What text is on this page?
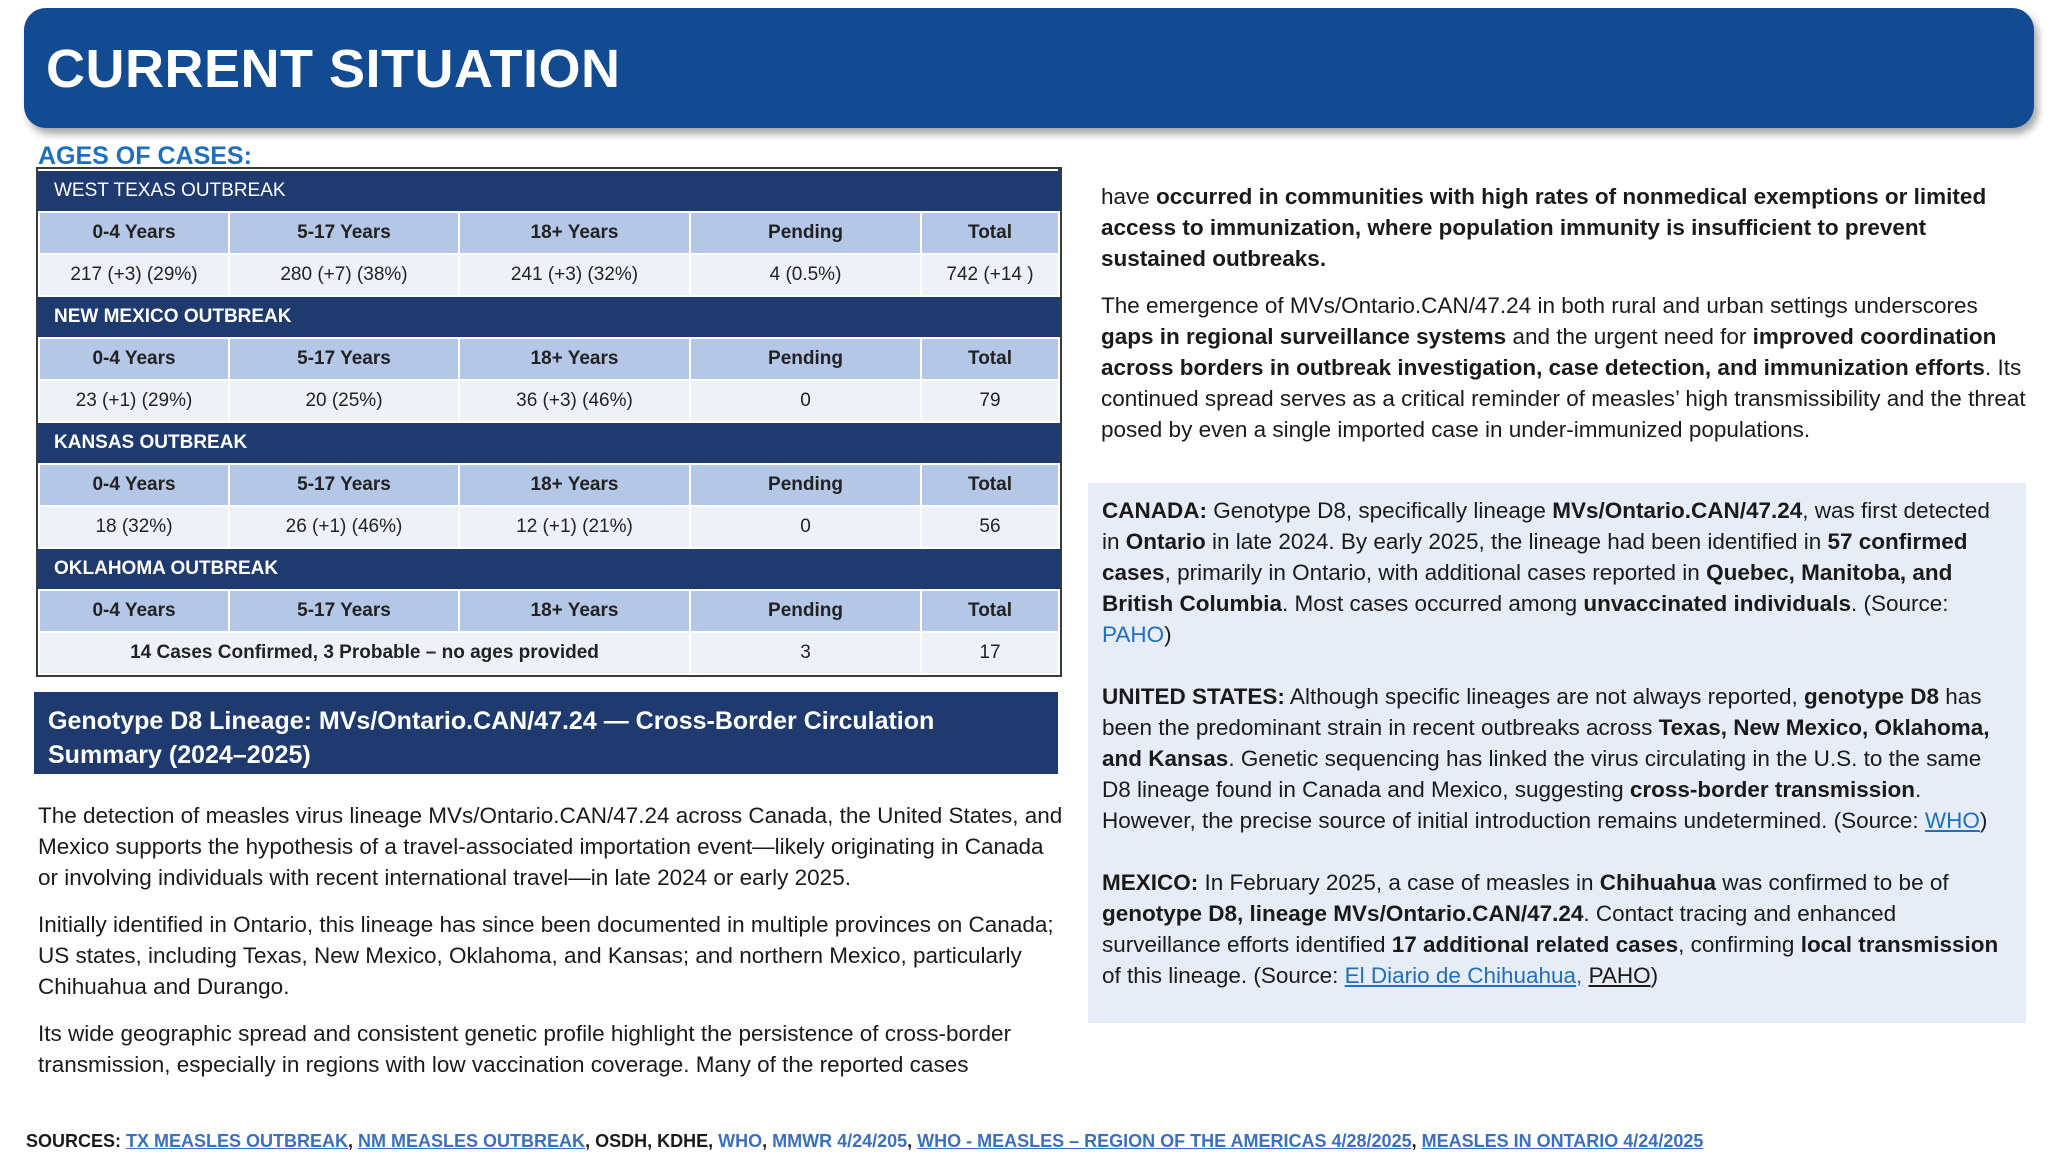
CURRENT SITUATION
AGES OF CASES:
WEST TEXAS OUTBREAK				
0-4 Years	5-17 Years	18+ Years	Pending	Total
217 (+3) (29%)	280 (+7) (38%)	241 (+3) (32%)	4 (0.5%)	742 (+14 )
NEW MEXICO OUTBREAK				
0-4 Years	5-17 Years	18+ Years	Pending	Total
23 (+1) (29%)	20 (25%)	36 (+3) (46%)	0	79
KANSAS OUTBREAK				
0-4 Years	5-17 Years	18+ Years	Pending	Total
18 (32%)	26 (+1) (46%)	12 (+1) (21%)	0	56
OKLAHOMA OUTBREAK				
0-4 Years	5-17 Years	18+ Years	Pending	Total
14 Cases Confirmed, 3 Probable – no ages provided			3	17

Genotype D8 Lineage: MVs/Ontario.CAN/47.24 — Cross-Border Circulation Summary (2024–2025)

The detection of measles virus lineage MVs/Ontario.CAN/47.24 across Canada, the United States, and Mexico supports the hypothesis of a travel-associated importation event—likely originating in Canada or involving individuals with recent international travel—in late 2024 or early 2025.

Initially identified in Ontario, this lineage has since been documented in multiple provinces on Canada; US states, including Texas, New Mexico, Oklahoma, and Kansas; and northern Mexico, particularly Chihuahua and Durango.

Its wide geographic spread and consistent genetic profile highlight the persistence of cross-border transmission, especially in regions with low vaccination coverage. Many of the reported cases

have occurred in communities with high rates of nonmedical exemptions or limited access to immunization, where population immunity is insufficient to prevent sustained outbreaks.

The emergence of MVs/Ontario.CAN/47.24 in both rural and urban settings underscores gaps in regional surveillance systems and the urgent need for improved coordination across borders in outbreak investigation, case detection, and immunization efforts. Its continued spread serves as a critical reminder of measles’ high transmissibility and the threat posed by even a single imported case in under-immunized populations.

CANADA: Genotype D8, specifically lineage MVs/Ontario.CAN/47.24, was first detected in Ontario in late 2024. By early 2025, the lineage had been identified in 57 confirmed cases, primarily in Ontario, with additional cases reported in Quebec, Manitoba, and British Columbia. Most cases occurred among unvaccinated individuals. (Source: PAHO)

UNITED STATES: Although specific lineages are not always reported, genotype D8 has been the predominant strain in recent outbreaks across Texas, New Mexico, Oklahoma, and Kansas. Genetic sequencing has linked the virus circulating in the U.S. to the same D8 lineage found in Canada and Mexico, suggesting cross-border transmission. However, the precise source of initial introduction remains undetermined. (Source: WHO)

MEXICO: In February 2025, a case of measles in Chihuahua was confirmed to be of genotype D8, lineage MVs/Ontario.CAN/47.24. Contact tracing and enhanced surveillance efforts identified 17 additional related cases, confirming local transmission of this lineage. (Source: El Diario de Chihuahua, PAHO)

SOURCES: TX MEASLES OUTBREAK, NM MEASLES OUTBREAK, OSDH, KDHE, WHO, MMWR 4/24/205, WHO - MEASLES – REGION OF THE AMERICAS 4/28/2025, MEASLES IN ONTARIO 4/24/2025
